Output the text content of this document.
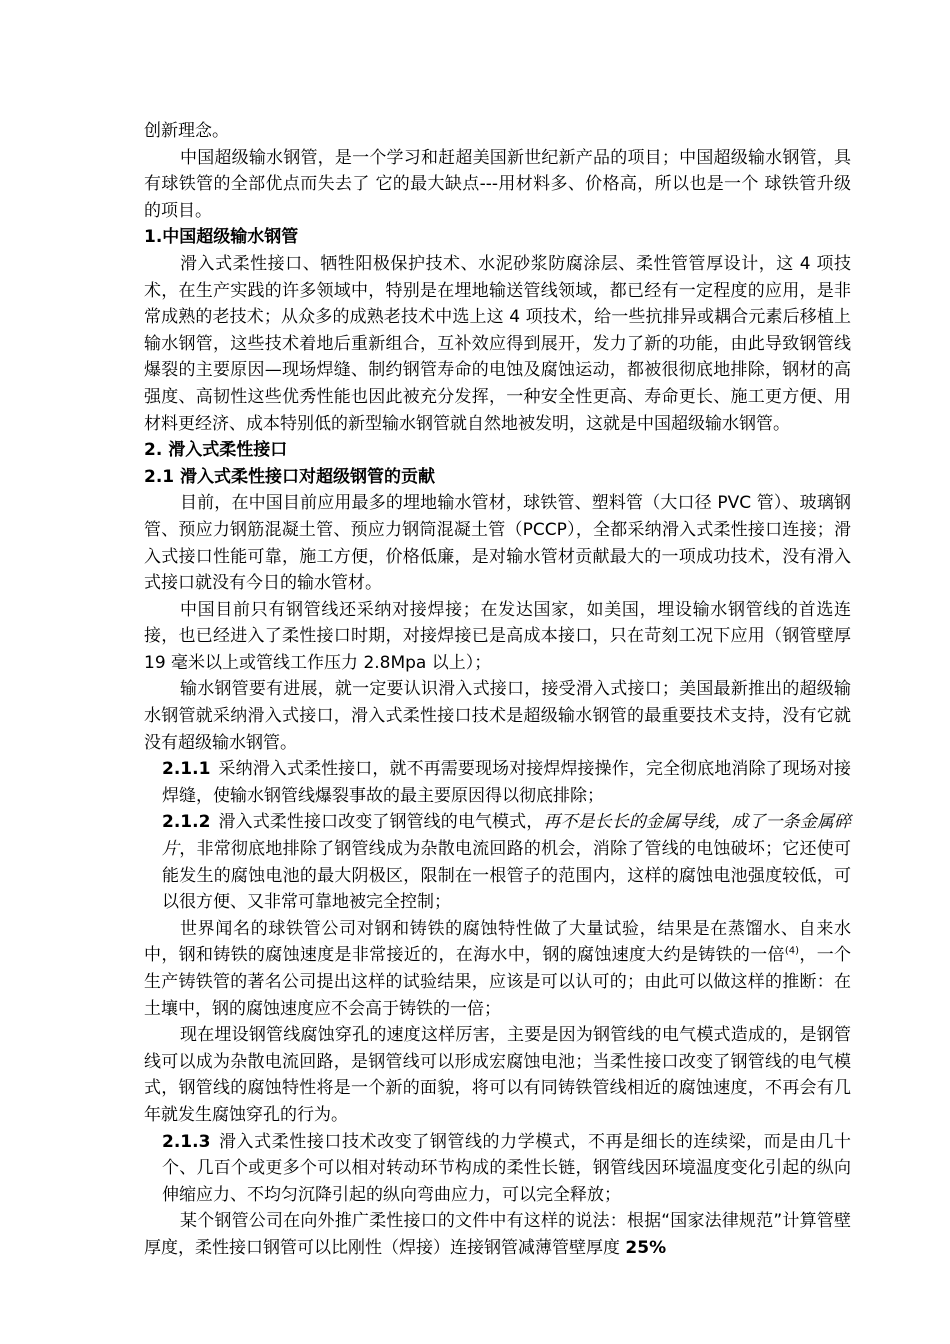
创新理念。

中国超级输水钢管，是一个学习和赶超美国新世纪新产品的项目；中国超级输水钢管，具有球铁管的全部优点而失去了 它的最大缺点---用材料多、价格高，所以也是一个 球铁管升级的项目。

1.中国超级输水钢管

滑入式柔性接口、牺牲阳极保护技术、水泥砂浆防腐涂层、柔性管管厚设计，这 4 项技术，在生产实践的许多领域中，特别是在埋地输送管线领域，都已经有一定程度的应用，是非常成熟的老技术；从众多的成熟老技术中选上这 4 项技术，给一些抗排异或耦合元素后移植上输水钢管，这些技术着地后重新组合，互补效应得到展开，发力了新的功能，由此导致钢管线爆裂的主要原因—现场焊缝、制约钢管寿命的电蚀及腐蚀运动，都被很彻底地排除，钢材的高强度、高韧性这些优秀性能也因此被充分发挥，一种安全性更高、寿命更长、施工更方便、用材料更经济、成本特别低的新型输水钢管就自然地被发明，这就是中国超级输水钢管。

2. 滑入式柔性接口

2.1 滑入式柔性接口对超级钢管的贡献

目前，在中国目前应用最多的埋地输水管材，球铁管、塑料管（大口径 PVC 管）、玻璃钢管、预应力钢筋混凝土管、预应力钢筒混凝土管（PCCP），全都采纳滑入式柔性接口连接；滑入式接口性能可靠，施工方便，价格低廉，是对输水管材贡献最大的一项成功技术，没有滑入式接口就没有今日的输水管材。

中国目前只有钢管线还采纳对接焊接；在发达国家，如美国，埋设输水钢管线的首选连接，也已经进入了柔性接口时期，对接焊接已是高成本接口，只在苛刻工况下应用（钢管壁厚 19 毫米以上或管线工作压力 2.8Mpa 以上）；

输水钢管要有进展，就一定要认识滑入式接口，接受滑入式接口；美国最新推出的超级输水钢管就采纳滑入式接口，滑入式柔性接口技术是超级输水钢管的最重要技术支持，没有它就没有超级输水钢管。

2.1.1 采纳滑入式柔性接口，就不再需要现场对接焊焊接操作，完全彻底地消除了现场对接焊缝，使输水钢管线爆裂事故的最主要原因得以彻底排除；

2.1.2 滑入式柔性接口改变了钢管线的电气模式，再不是长长的金属导线，成了一条金属碎片，非常彻底地排除了钢管线成为杂散电流回路的机会，消除了管线的电蚀破坏；它还使可能发生的腐蚀电池的最大阴极区，限制在一根管子的范围内，这样的腐蚀电池强度较低，可以很方便、又非常可靠地被完全控制；

世界闻名的球铁管公司对钢和铸铁的腐蚀特性做了大量试验，结果是在蒸馏水、自来水中，钢和铸铁的腐蚀速度是非常接近的，在海水中，钢的腐蚀速度大约是铸铁的一倍$^{(4)}$，一个生产铸铁管的著名公司提出这样的试验结果，应该是可以认可的；由此可以做这样的推断：在土壤中，钢的腐蚀速度应不会高于铸铁的一倍；

现在埋设钢管线腐蚀穿孔的速度这样厉害，主要是因为钢管线的电气模式造成的，是钢管线可以成为杂散电流回路，是钢管线可以形成宏腐蚀电池；当柔性接口改变了钢管线的电气模式，钢管线的腐蚀特性将是一个新的面貌，将可以有同铸铁管线相近的腐蚀速度，不再会有几年就发生腐蚀穿孔的行为。

2.1.3 滑入式柔性接口技术改变了钢管线的力学模式，不再是细长的连续梁，而是由几十个、几百个或更多个可以相对转动环节构成的柔性长链，钢管线因环境温度变化引起的纵向伸缩应力、不均匀沉降引起的纵向弯曲应力，可以完全释放；

某个钢管公司在向外推广柔性接口的文件中有这样的说法：根据“国家法律规范”计算管壁厚度，柔性接口钢管可以比刚性（焊接）连接钢管减薄管壁厚度 25%
